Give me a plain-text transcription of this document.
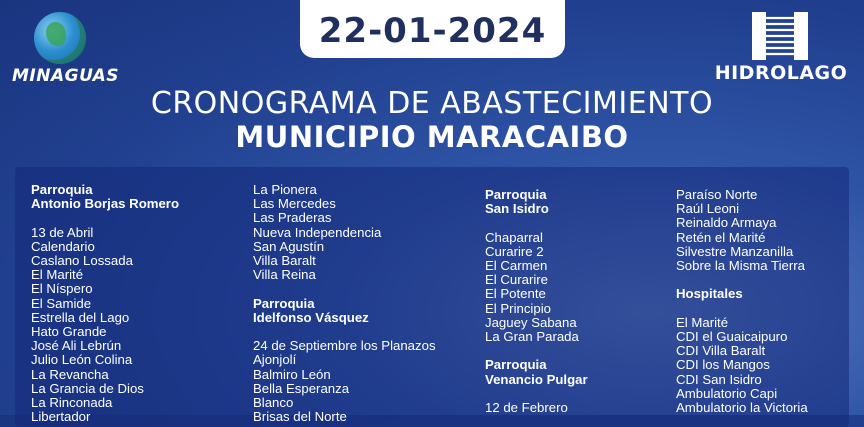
22-01-2024
MINAGUAS	HIDROLAGO
CRONOGRAMA DE ABASTECIMIENTO
MUNICIPIO MARACAIBO
Parroquia
Antonio Borjas Romero
13 de Abril
Calendario
Caslano Lossada
El Marité
El Níspero
El Samide
Estrella del Lago
Hato Grande
José Ali Lebrún
Julio León Colina
La Revancha
La Grancia de Dios
La Rinconada
Libertador
La Pionera
Las Mercedes
Las Praderas
Nueva Independencia
San Agustín
Villa Baralt
Villa Reina
Parroquia
Idelfonso Vásquez
24 de Septiembre los Planazos
Ajonjolí
Balmiro León
Bella Esperanza
Blanco
Brisas del Norte
Parroquia
San Isidro
Chaparral
Curarire 2
El Carmen
El Curarire
El Potente
El Principio
Jaguey Sabana
La Gran Parada
Parroquia
Venancio Pulgar
12 de Febrero
Paraíso Norte
Raúl Leoni
Reinaldo Armaya
Retén el Marité
Silvestre Manzanilla
Sobre la Misma Tierra
Hospitales
El Marité
CDI el Guaicaipuro
CDI Villa Baralt
CDI los Mangos
CDI San Isidro
Ambulatorio Capi
Ambulatorio la Victoria
